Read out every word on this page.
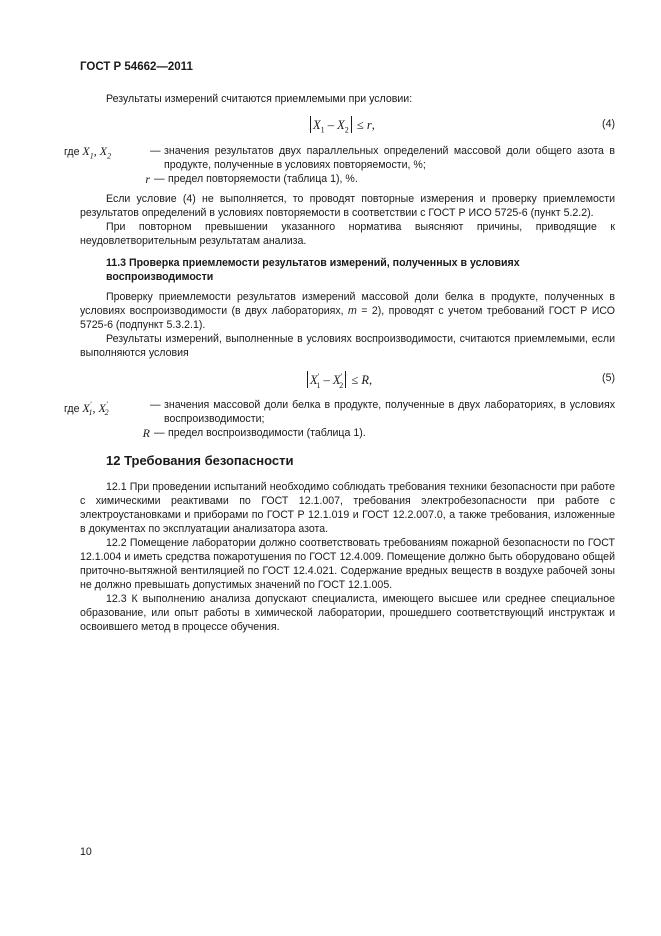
ГОСТ Р 54662—2011

Результаты измерений считаются приемлемыми при условии:

$X_1 - X_2 \le r$,	(4)
где $X_1$, $X_2$	— значения результатов двух параллельных определений массовой доли общего азота в продукте, полученные в условиях повторяемости, %;
r — предел повторяемости (таблица 1), %.

Если условие (4) не выполняется, то проводят повторные измерения и проверку приемлемости результатов определений в условиях повторяемости в соответствии с ГОСТ Р ИСО 5725-6 (пункт 5.2.2).

При повторном превышении указанного норматива выясняют причины, приводящие к неудовлетворительным результатам анализа.

11.3 Проверка приемлемости результатов измерений, полученных в условиях воспроизводимости

Проверку приемлемости результатов измерений массовой доли белка в продукте, полученных в условиях воспроизводимости (в двух лабораториях, m = 2), проводят с учетом требований ГОСТ Р ИСО 5725-6 (подпункт 5.3.2.1).

Результаты измерений, выполненные в условиях воспроизводимости, считаются приемлемыми, если выполняются условия

$X'_1 - X'_2 \le R$,	(5)
где $X'_1$, $X'_2$
— значения массовой доли белка в продукте, полученные в двух лабораториях, в условиях воспроизводимости;
R — предел воспроизводимости (таблица 1).
12 Требования безопасности

12.1 При проведении испытаний необходимо соблюдать требования техники безопасности при работе с химическими реактивами по ГОСТ 12.1.007, требования электробезопасности при работе с электроустановками и приборами по ГОСТ Р 12.1.019 и ГОСТ 12.2.007.0, а также требования, изложенные в документах по эксплуатации анализатора азота.

12.2 Помещение лаборатории должно соответствовать требованиям пожарной безопасности по ГОСТ 12.1.004 и иметь средства пожаротушения по ГОСТ 12.4.009. Помещение должно быть оборудовано общей приточно-вытяжной вентиляцией по ГОСТ 12.4.021. Содержание вредных веществ в воздухе рабочей зоны не должно превышать допустимых значений по ГОСТ 12.1.005.

12.3 К выполнению анализа допускают специалиста, имеющего высшее или среднее специальное образование, или опыт работы в химической лаборатории, прошедшего соответствующий инструктаж и освоившего метод в процессе обучения.

10
